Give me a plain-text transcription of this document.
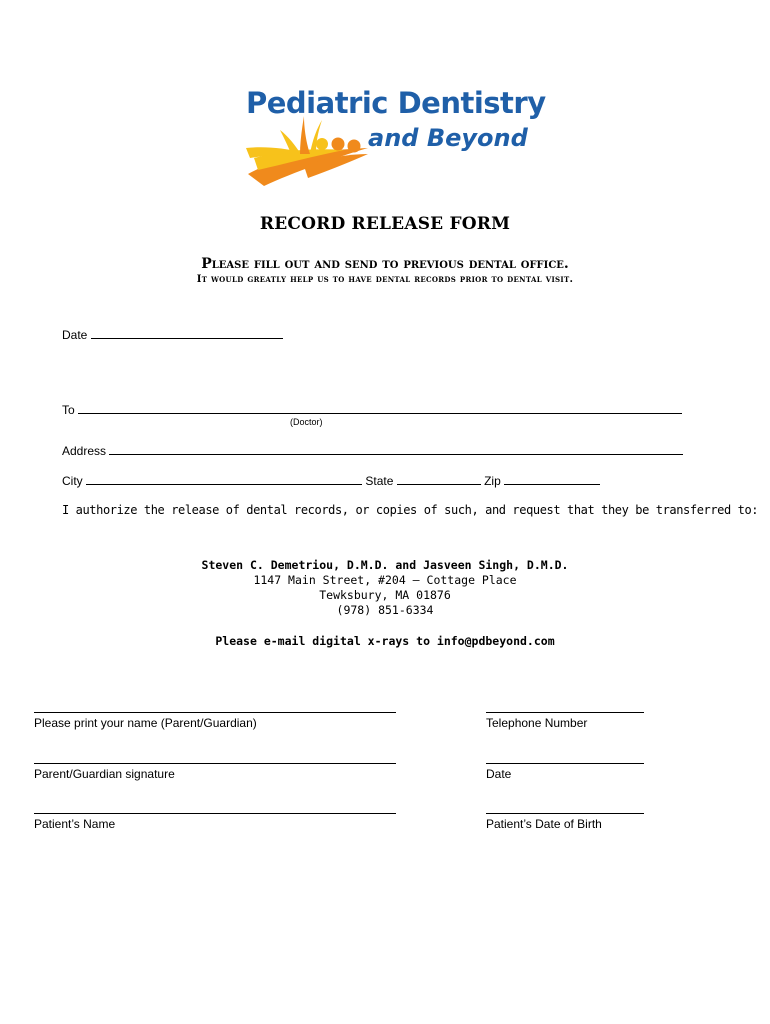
Pediatric Dentistry
and Beyond
RECORD RELEASE FORM
Please fill out and send to previous dental office.
It would greatly help us to have dental records prior to dental visit.
Date
To
(Doctor)
Address
City	State	Zip
I authorize the release of dental records, or copies of such, and request that they be transferred to:
Steven C. Demetriou, D.M.D. and Jasveen Singh, D.M.D.
1147 Main Street, #204 – Cottage Place
Tewksbury, MA 01876
(978) 851-6334
Please e-mail digital x-rays to info@pdbeyond.com
Please print your name (Parent/Guardian)	Telephone Number
Parent/Guardian signature	Date
Patient’s Name	Patient’s Date of Birth
